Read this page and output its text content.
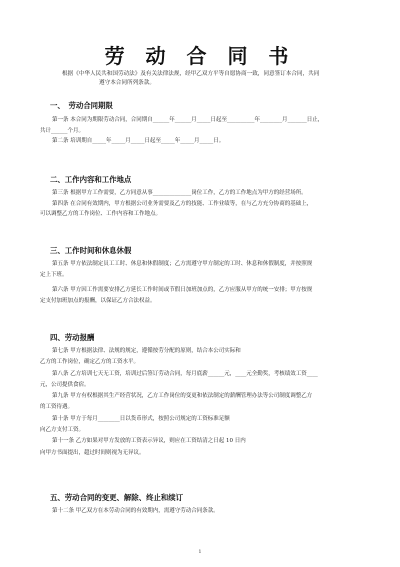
劳 动 合 同 书
根据《中华人民共和国劳动法》及有关法律法规，经甲乙双方平等自愿协商一致，同意签订本合同，共同
遵守本合同所列条款。
一、　劳动合同期限
第一条 本合同为期限劳动合同，合同期自______年______月_____日起至__________年________月_______日止，
共计______个月。
第二条 培训期自_____年_____月_____日起至_____年_____月_____日。
二、工作内容和工作地点
第三条 根据甲方工作需要，乙方同意从事______________岗位工作，乙方的工作地点为甲方的经营场所。
第四条 在合同有效期内，甲方根据公司业务需要及乙方的技能、工作业绩等，在与乙方充分协商的基础上，
可以调整乙方的工作岗位、工作内容和工作地点。
三、工作时间和休息休假
第五条 甲方依法制定员工工时、休息和休假制度；乙方需遵守甲方制定的工时、休息和休假制度，并按照规
定上下班。
第六条 甲方因工作需要安排乙方延长工作时间或节假日加班加点的，乙方应服从甲方的统一安排；甲方按规
定支付加班加点的报酬，以保证乙方合法权益。
四、劳动报酬
第七条 甲方根据法律、法规的规定，遵循按劳分配的原则，结合本公司实际和
乙方的工作岗位，确定乙方的工资水平。
第八条 乙方培训七天无工资，培训过后签订劳动合同，每月底薪______元，____元全勤奖，考核绩效工资____
元，公司提供食宿。
第九条 甲方有权根据其生产经营状况，乙方工作岗位的变更和依法制定的薪酬管理办法等公司制度调整乙方
的工资待遇。
第十条 甲方于每月________日以货币形式，按照公司规定的工资标准足额
向乙方支付工资。
第十一条 乙方如果对甲方发放的工资表示异议，则应在工资结清之日起 10 日内
向甲方书面提出，超过时间则视为无异议。
五、劳动合同的变更、解除、终止和续订
第十二条 甲乙双方在本劳动合同的有效期内，需遵守劳动合同条款。
1
